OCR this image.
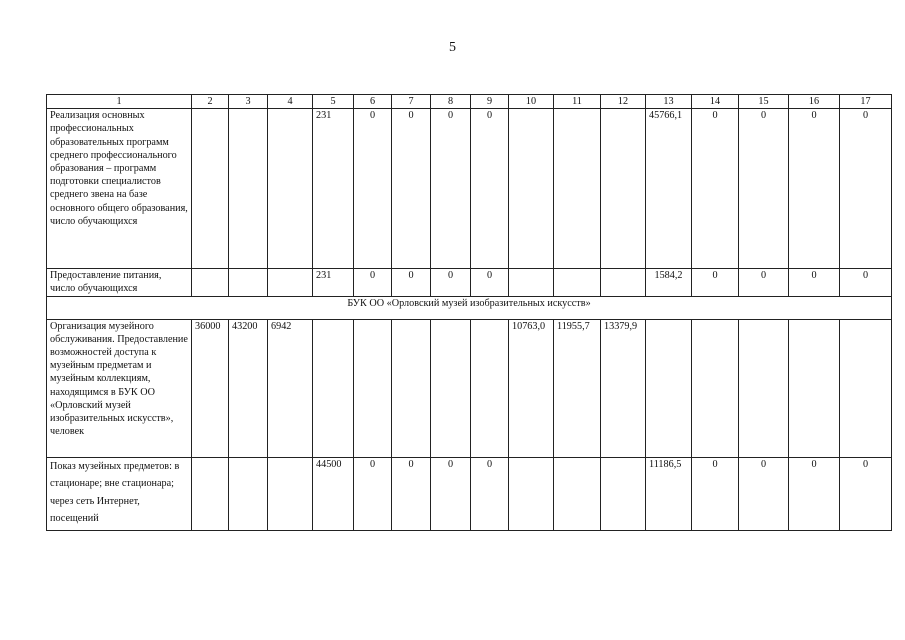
5
1	2	3	4	5	6	7	8	9	10	11	12	13	14	15	16	17
Реализация основных профессиональных образовательных программ среднего профессионального образования – программ подготовки специалистов среднего звена на базе основного общего образования, число обучающихся				231	0	0	0	0				45766,1	0	0	0	0
Предоставление питания, число обучающихся				231	0	0	0	0				1584,2	0	0	0	0
БУК ОО «Орловский музей изобразительных искусств»																
Организация музейного обслуживания. Предоставление возможностей доступа к музейным предметам и музейным коллекциям, находящимся в БУК ОО «Орловский музей изобразительных искусств», человек	36000	43200	6942						10763,0	11955,7	13379,9					
Показ музейных предметов: в стационаре; вне стационара; через сеть Интернет, посещений				44500	0	0	0	0				11186,5	0	0	0	0
